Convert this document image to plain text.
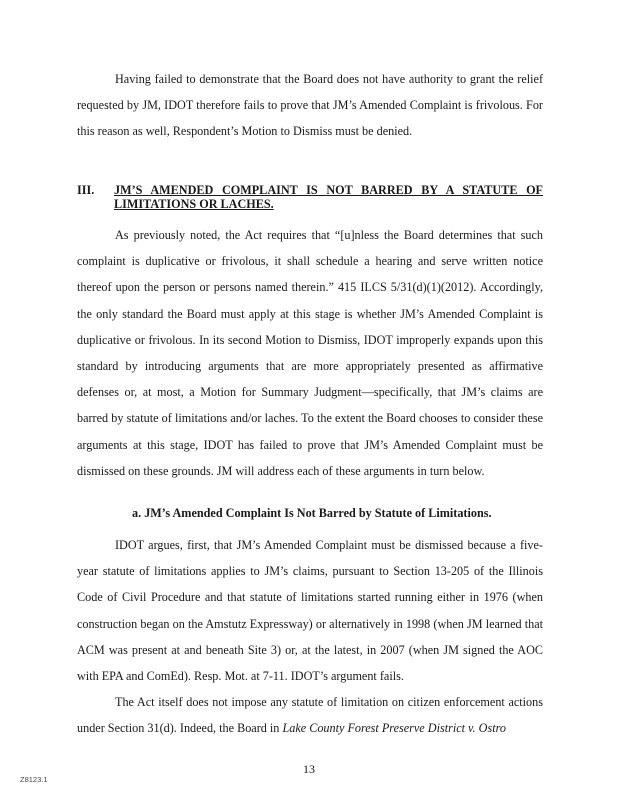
Having failed to demonstrate that the Board does not have authority to grant the relief requested by JM, IDOT therefore fails to prove that JM’s Amended Complaint is frivolous. For this reason as well, Respondent’s Motion to Dismiss must be denied.

III. JM’S AMENDED COMPLAINT IS NOT BARRED BY A STATUTE OF LIMITATIONS OR LACHES.

As previously noted, the Act requires that “[u]nless the Board determines that such complaint is duplicative or frivolous, it shall schedule a hearing and serve written notice thereof upon the person or persons named therein.” 415 ILCS 5/31(d)(1)(2012). Accordingly, the only standard the Board must apply at this stage is whether JM’s Amended Complaint is duplicative or frivolous. In its second Motion to Dismiss, IDOT improperly expands upon this standard by introducing arguments that are more appropriately presented as affirmative defenses or, at most, a Motion for Summary Judgment—specifically, that JM’s claims are barred by statute of limitations and/or laches. To the extent the Board chooses to consider these arguments at this stage, IDOT has failed to prove that JM’s Amended Complaint must be dismissed on these grounds. JM will address each of these arguments in turn below.

a. JM’s Amended Complaint Is Not Barred by Statute of Limitations.

IDOT argues, first, that JM’s Amended Complaint must be dismissed because a five-year statute of limitations applies to JM’s claims, pursuant to Section 13-205 of the Illinois Code of Civil Procedure and that statute of limitations started running either in 1976 (when construction began on the Amstutz Expressway) or alternatively in 1998 (when JM learned that ACM was present at and beneath Site 3) or, at the latest, in 2007 (when JM signed the AOC with EPA and ComEd). Resp. Mot. at 7-11. IDOT’s argument fails.

The Act itself does not impose any statute of limitation on citizen enforcement actions under Section 31(d). Indeed, the Board in Lake County Forest Preserve District v. Ostro

13
Z8123.1
